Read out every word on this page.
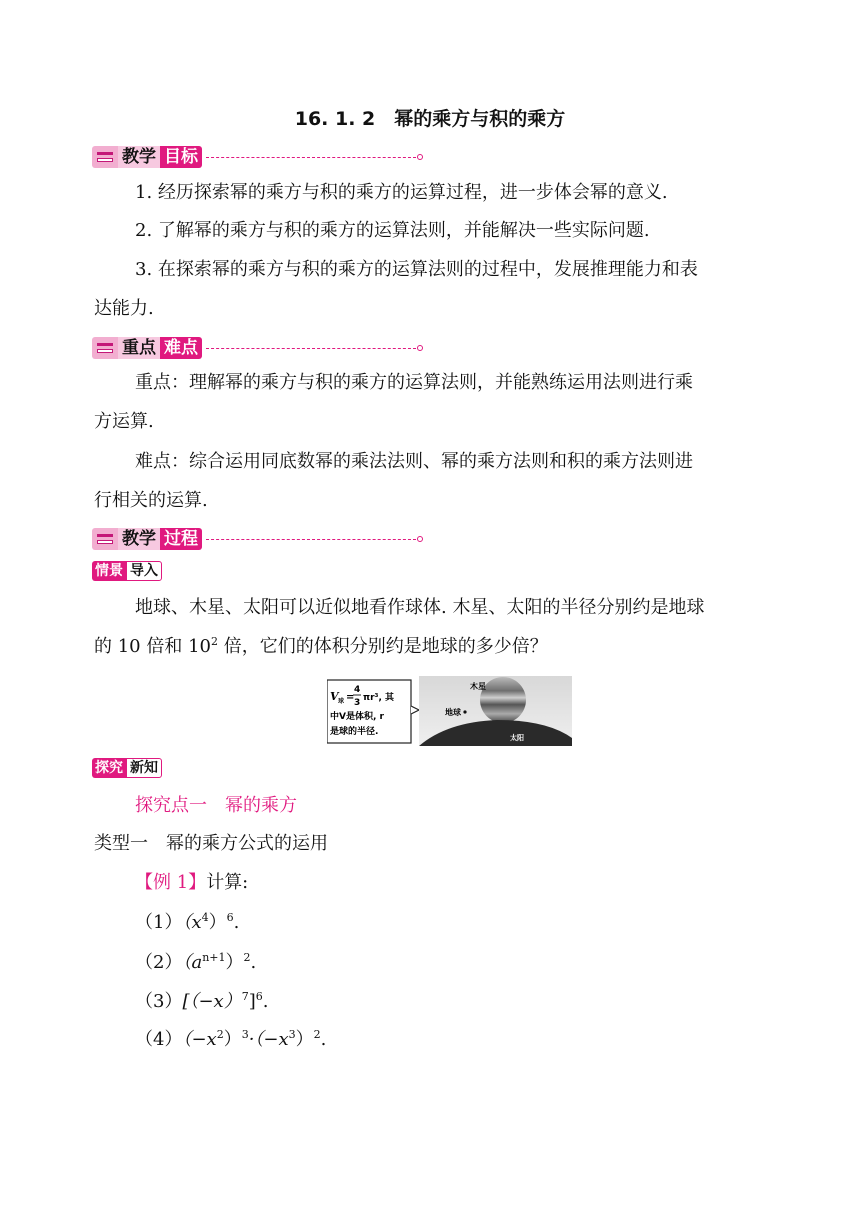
16. 1. 2　幂的乘方与积的乘方
教学 目标
1. 经历探索幂的乘方与积的乘方的运算过程，进一步体会幂的意义.
2. 了解幂的乘方与积的乘方的运算法则，并能解决一些实际问题.
3. 在探索幂的乘方与积的乘方的运算法则的过程中，发展推理能力和表
达能力.
重点 难点
重点：理解幂的乘方与积的乘方的运算法则，并能熟练运用法则进行乘
方运算.
难点：综合运用同底数幂的乘法法则、幂的乘方法则和积的乘方法则进
行相关的运算.
教学 过程
情景 导入
地球、木星、太阳可以近似地看作球体. 木星、太阳的半径分别约是地球
的 10 倍和 $10^2$ 倍，它们的体积分别约是地球的多少倍？
V 球 =
4
3 πr³, 其
中V是体积, r
是球的半径.
木星
地球
太阳
探究 新知
探究点一　幂的乘方
类型一　幂的乘方公式的运用
【例 1】计算:
$(1)(x^4)^6$.
$(2)(a^{n+1})^2$.
$(3)[(-x)^7]^6$.
$(4)(-x^2)^3\cdot(-x^3)^2$.
